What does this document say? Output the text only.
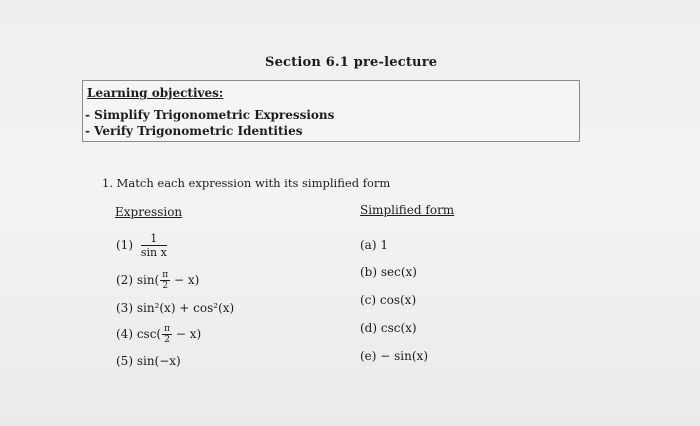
Section 6.1 pre-lecture
Learning objectives:
- Simplify Trigonometric Expressions
- Verify Trigonometric Identities
1. Match each expression with its simplified form
Expression	Simplified form
$(1) \frac{1}{\text{sin x}}$
(2) $\sin( \frac{\pi}{2} - x)$
(3) sin²(x) + cos²(x)
(4) $\csc( \frac{\pi}{2} - x)$
(5) sin(−x)
(a) 1
(b) sec(x)
(c) cos(x)
(d) csc(x)
(e) − sin(x)
